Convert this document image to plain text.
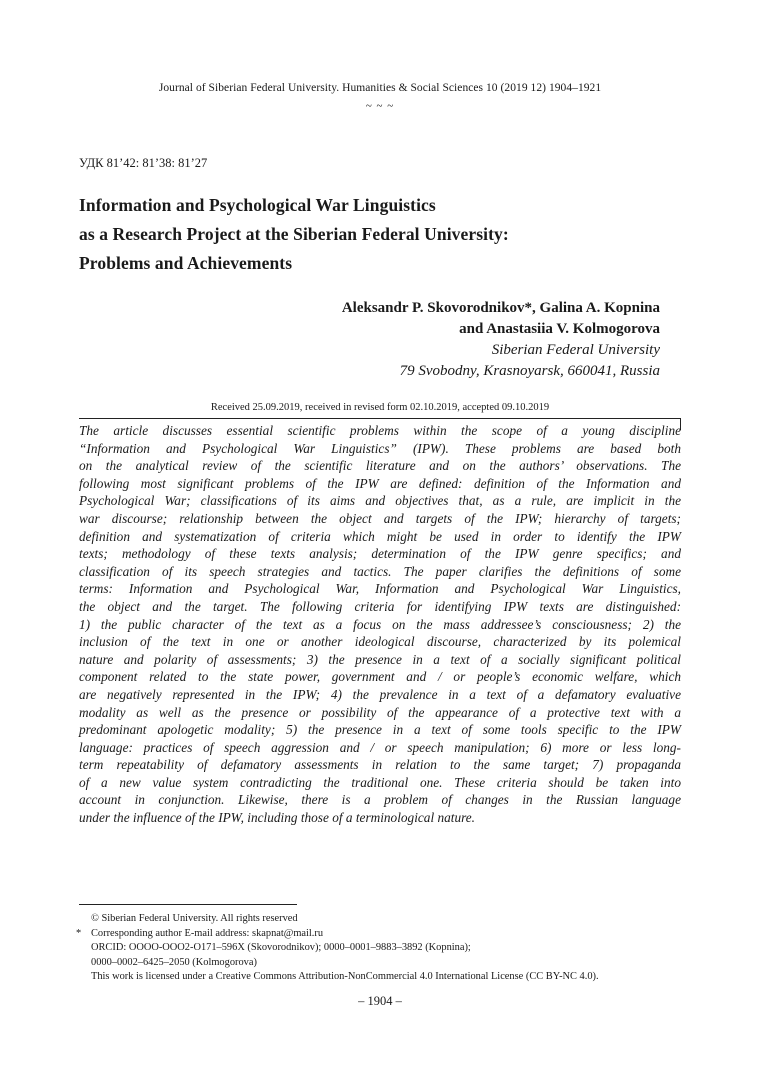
Journal of Siberian Federal University. Humanities & Social Sciences 10 (2019 12) 1904–1921
~ ~ ~
УДК 81’42: 81’38: 81’27
Information and Psychological War Linguistics
as a Research Project at the Siberian Federal University:
Problems and Achievements
Aleksandr P. Skovorodnikov*, Galina A. Kopnina
and Anastasiia V. Kolmogorova
Siberian Federal University
79 Svobodny, Krasnoyarsk, 660041, Russia
Received 25.09.2019, received in revised form 02.10.2019, accepted 09.10.2019
The article discusses essential scientific problems within the scope of a young discipline
“Information and Psychological War Linguistics” (IPW). These problems are based both
on the analytical review of the scientific literature and on the authors’ observations. The
following most significant problems of the IPW are defined: definition of the Information and
Psychological War; classifications of its aims and objectives that, as a rule, are implicit in the
war discourse; relationship between the object and targets of the IPW; hierarchy of targets;
definition and systematization of criteria which might be used in order to identify the IPW
texts; methodology of these texts analysis; determination of the IPW genre specifics; and
classification of its speech strategies and tactics. The paper clarifies the definitions of some
terms: Information and Psychological War, Information and Psychological War Linguistics,
the object and the target. The following criteria for identifying IPW texts are distinguished:
1) the public character of the text as a focus on the mass addressee’s consciousness; 2) the
inclusion of the text in one or another ideological discourse, characterized by its polemical
nature and polarity of assessments; 3) the presence in a text of a socially significant political
component related to the state power, government and / or people’s economic welfare, which
are negatively represented in the IPW; 4) the prevalence in a text of a defamatory evaluative
modality as well as the presence or possibility of the appearance of a protective text with a
predominant apologetic modality; 5) the presence in a text of some tools specific to the IPW
language: practices of speech aggression and / or speech manipulation; 6) more or less long-
term repeatability of defamatory assessments in relation to the same target; 7) propaganda
of a new value system contradicting the traditional one. These criteria should be taken into
account in conjunction. Likewise, there is a problem of changes in the Russian language
under the influence of the IPW, including those of a terminological nature.
© Siberian Federal University. All rights reserved
* Corresponding author E-mail address: skapnat@mail.ru
ORCID: OOOO-OOO2-O171–596X (Skovorodnikov); 0000–0001–9883–3892 (Kopnina);
0000–0002–6425–2050 (Kolmogorova)
This work is licensed under a Creative Commons Attribution-NonCommercial 4.0 International License (CC BY-NC 4.0).
– 1904 –
